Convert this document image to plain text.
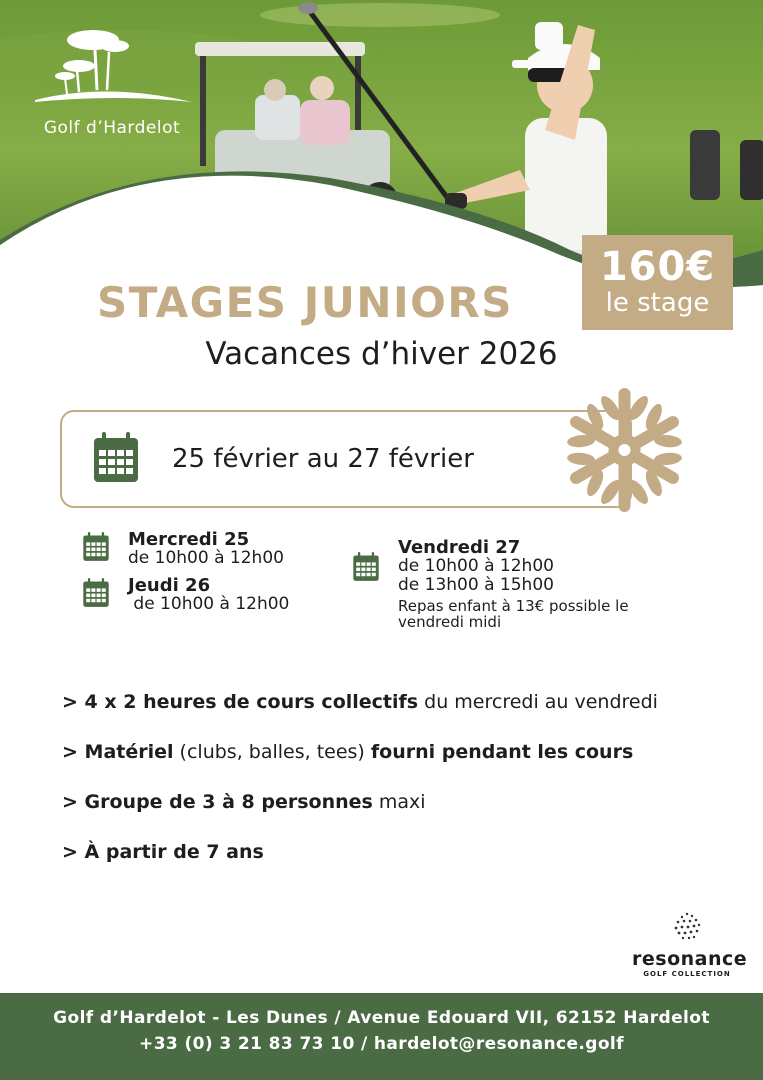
Golf d’Hardelot
160€
le stage
STAGES JUNIORS
Vacances d’hiver 2026
25 février au 27 février
Mercredi 25
de 10h00 à 12h00
Jeudi 26
de 10h00 à 12h00
Vendredi 27
de 10h00 à 12h00
de 13h00 à 15h00
Repas enfant à 13€ possible le
vendredi midi
> 4 x 2 heures de cours collectifs du mercredi au vendredi
> Matériel (clubs, balles, tees) fourni pendant les cours
> Groupe de 3 à 8 personnes maxi
> À partir de 7 ans
resonance
GOLF COLLECTION
Golf d’Hardelot - Les Dunes / Avenue Edouard VII, 62152 Hardelot
+33 (0) 3 21 83 73 10 / hardelot@resonance.golf
